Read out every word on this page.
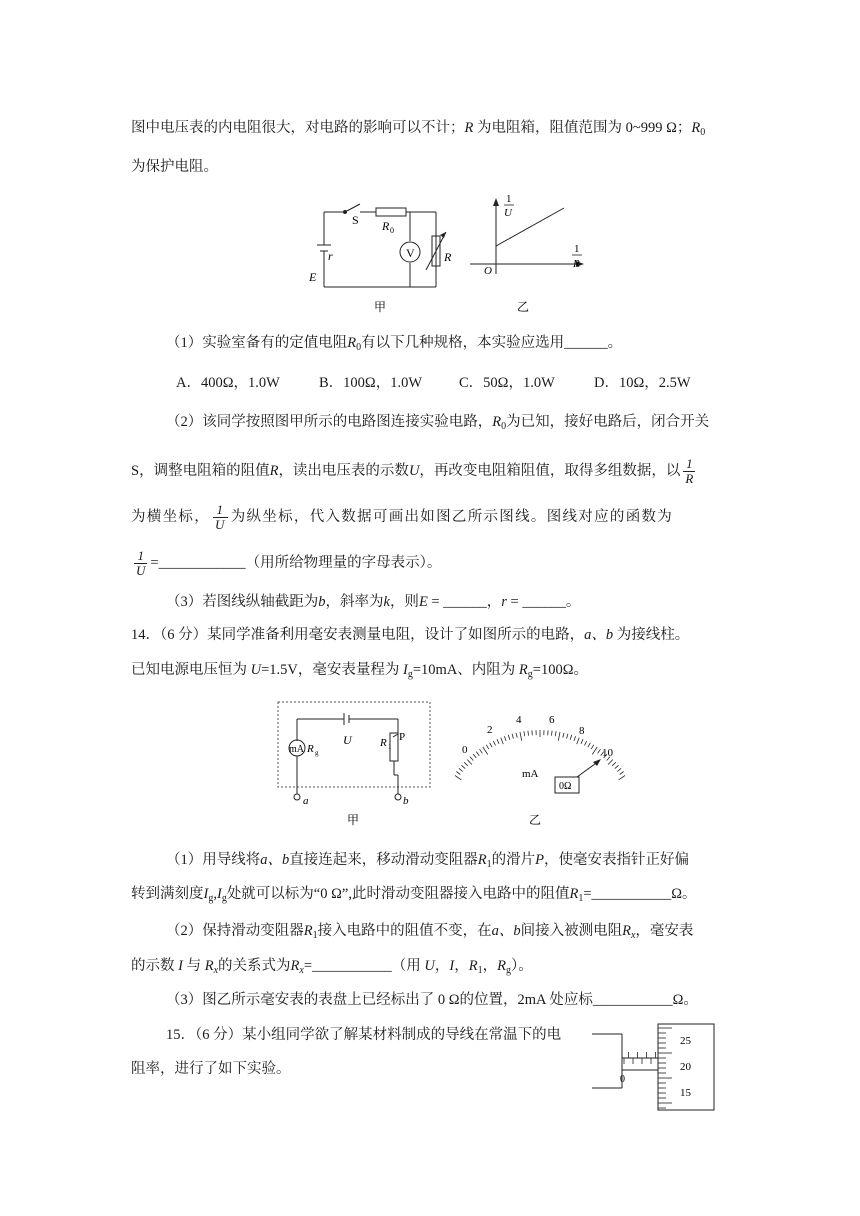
图中电压表的内电阻很大，对电路的影响可以不计；R 为电阻箱，阻值范围为 0~999 Ω；$R_0$
为保护电阻。
S R 0
V R
r
E
甲
1
U
1
R
O
乙
（1）实验室备有的定值电阻$R_0$有以下几种规格，本实验应选用______。
A．400Ω，1.0W	B．100Ω，1.0W	C．50Ω，1.0W	D．10Ω，2.5W
（2）该同学按照图甲所示的电路图连接实验电路，$R_0$为已知，接好电路后，闭合开关
S，调整电阻箱的阻值R，读出电压表的示数U，再改变电阻箱阻值，取得多组数据，以 $\frac{1}{R}$
为横坐标， $\frac{1}{U}$ 为纵坐标，代入数据可画出如图乙所示图线。图线对应的函数为
$\frac{1}{U}$ =____________（用所给物理量的字母表示）。
（3）若图线纵轴截距为b，斜率为k，则E = ______，r = ______。
14．（6 分）某同学准备利用毫安表测量电阻，设计了如图所示的电路，a、b 为接线柱。
已知电源电压恒为 U=1.5V，毫安表量程为 $I_g=10mA$、内阻为 $R_g=100\Omega$。
mA R g
U	R 1
P
a	b
甲
0
2
4	6
8
10
mA
0Ω
乙
（1）用导线将a、b直接连起来，移动滑动变阻器$R_1$的滑片P，使毫安表指针正好偏
转到满刻度$I_g,I_g$处就可以标为“0 Ω”,此时滑动变阻器接入电路中的阻值$R_1=\_\_\_\_\_\_\_\_\_\_\_\Omega$。
（2）保持滑动变阻器$R_1$接入电路中的阻值不变，在a、b间接入被测电阻$R_x$，毫安表
的示数 I 与 $R_x$的关系式为$R_x=\_\_\_\_\_\_\_\_\_\_\_$（用 U，I，$R_1$，$R_g$）。
（3）图乙所示毫安表的表盘上已经标出了 0 Ω的位置，2mA 处应标___________Ω。
15．（6 分）某小组同学欲了解某材料制成的导线在常温下的电
阻率，进行了如下实验。
25
20
15
0
